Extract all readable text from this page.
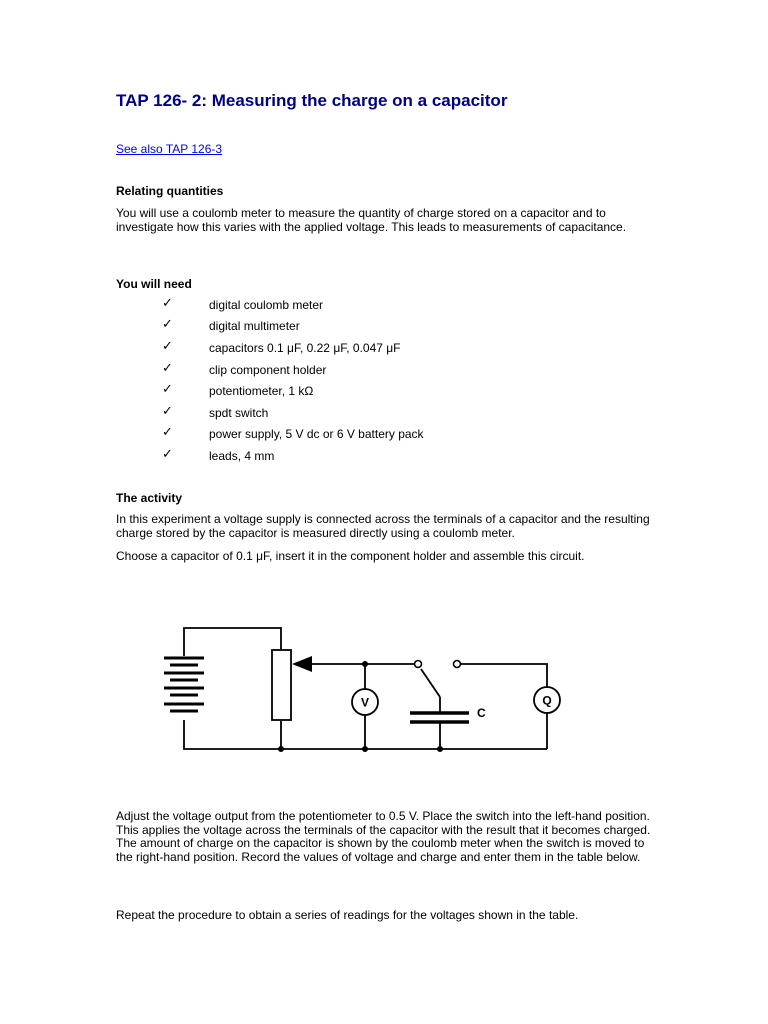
TAP 126- 2: Measuring the charge on a capacitor
See also TAP 126-3
Relating quantities

You will use a coulomb meter to measure the quantity of charge stored on a capacitor and to investigate how this varies with the applied voltage. This leads to measurements of capacitance.

You will need
✓	digital coulomb meter
✓	digital multimeter
✓	capacitors 0.1 μF, 0.22 μF, 0.047 μF
✓	clip component holder
✓	potentiometer, 1 kΩ
✓	spdt switch
✓	power supply, 5 V dc or 6 V battery pack
✓	leads, 4 mm
The activity

In this experiment a voltage supply is connected across the terminals of a capacitor and the resulting charge stored by the capacitor is measured directly using a coulomb meter.

Choose a capacitor of 0.1 μF, insert it in the component holder and assemble this circuit.

V	Q
C

Adjust the voltage output from the potentiometer to 0.5 V. Place the switch into the left-hand position. This applies the voltage across the terminals of the capacitor with the result that it becomes charged. The amount of charge on the capacitor is shown by the coulomb meter when the switch is moved to the right-hand position. Record the values of voltage and charge and enter them in the table below.

Repeat the procedure to obtain a series of readings for the voltages shown in the table.
